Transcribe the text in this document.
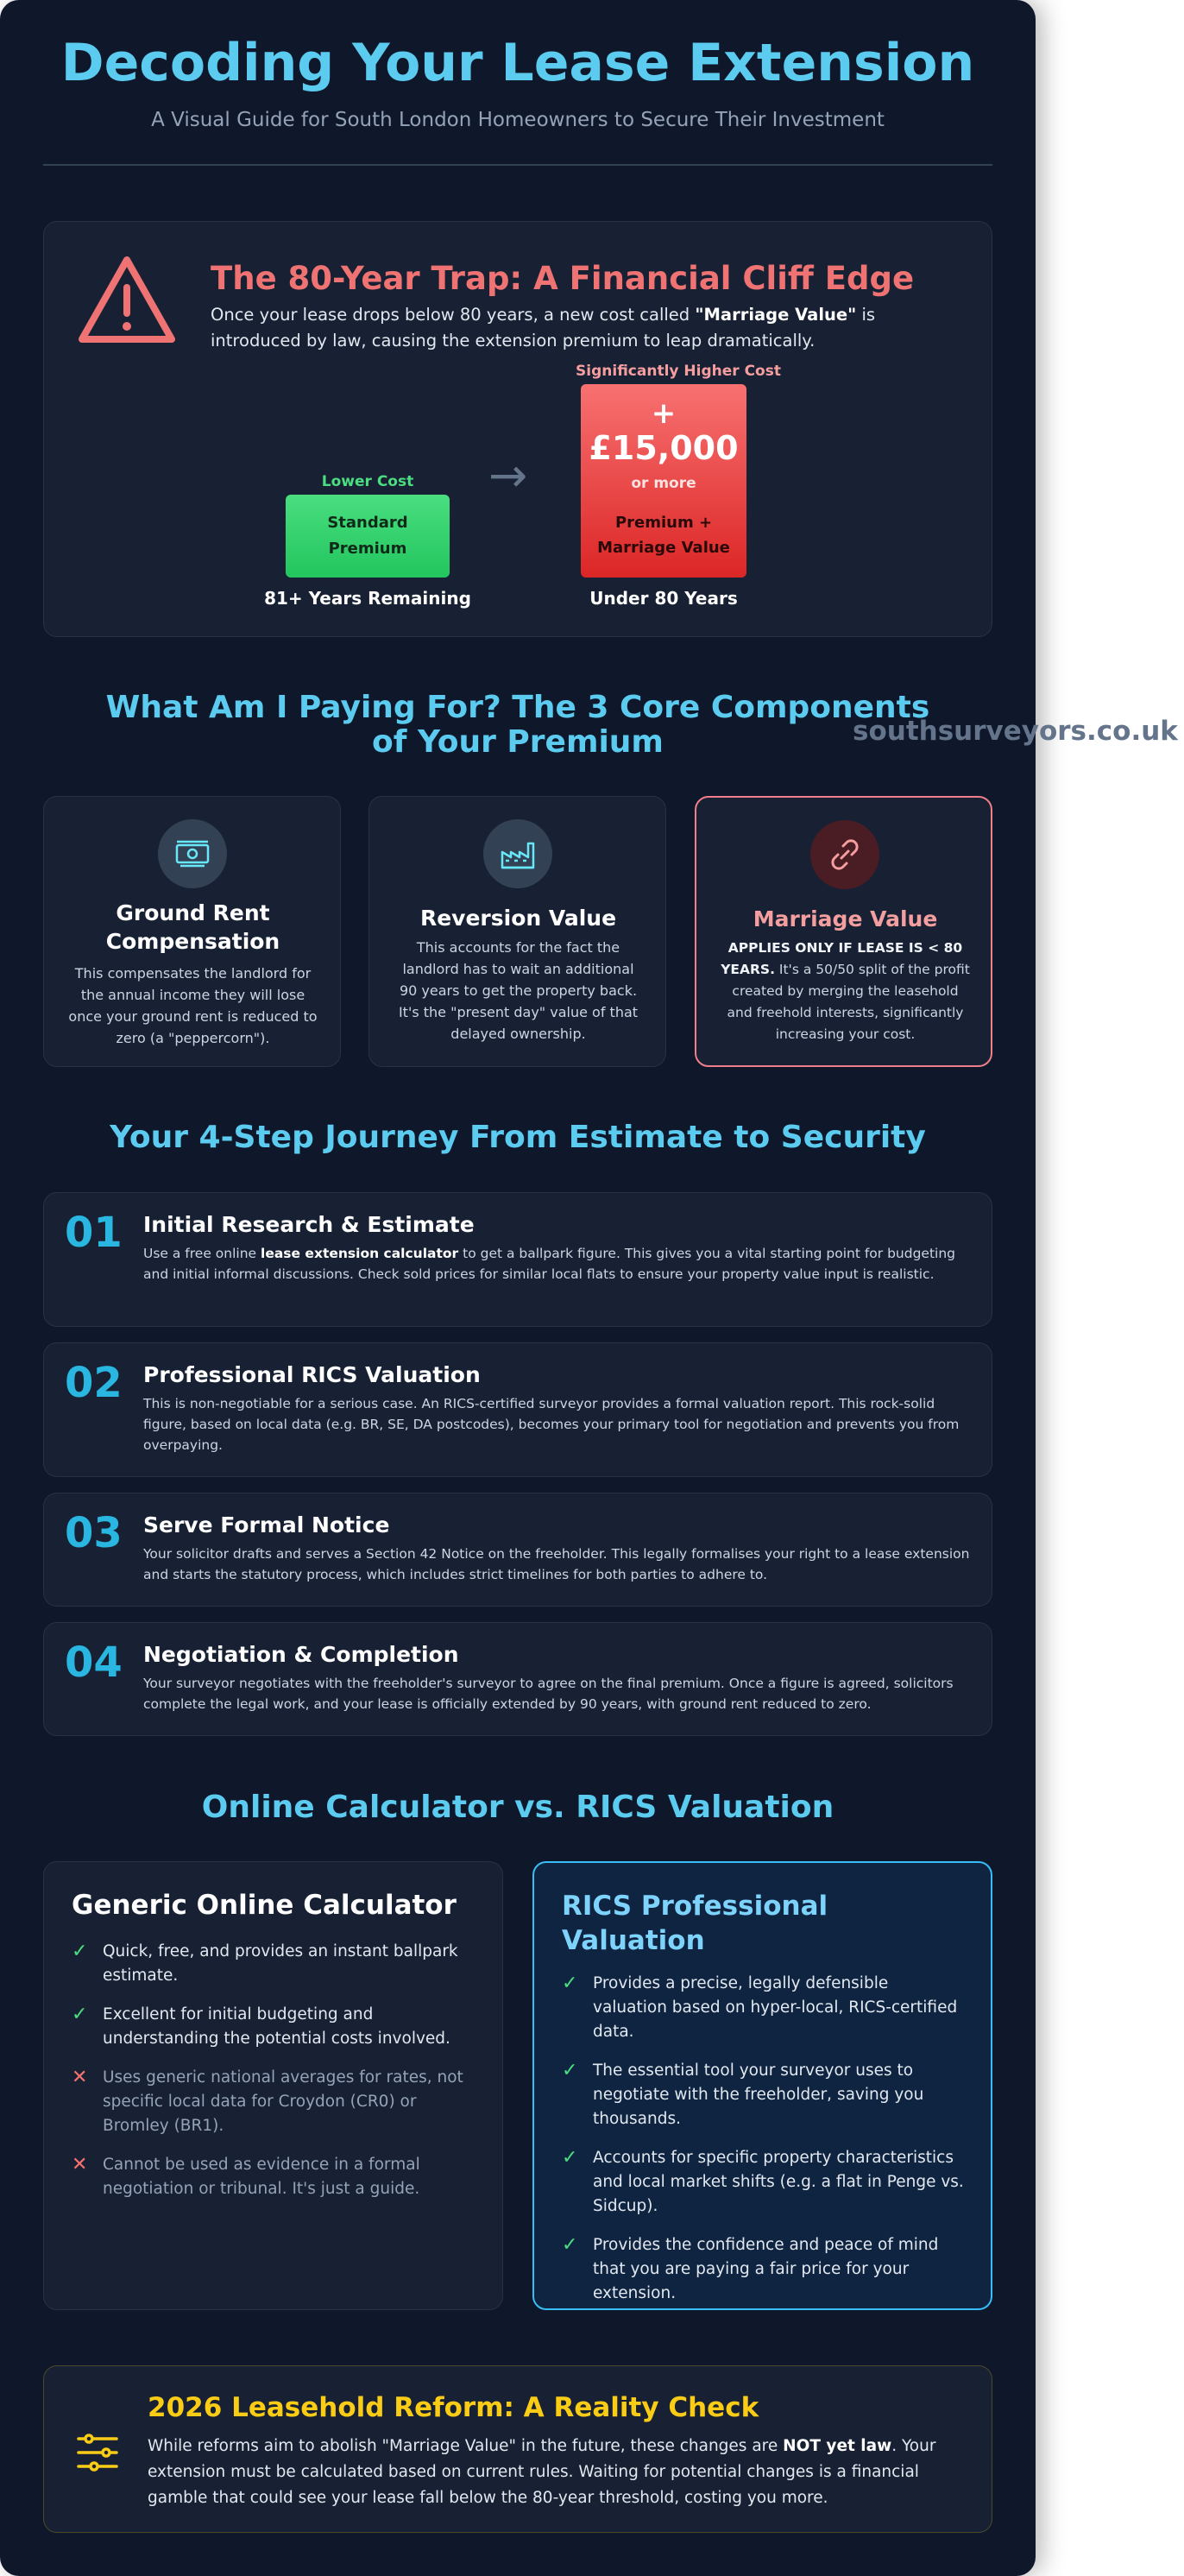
southsurveyors.co.uk
Decoding Your Lease Extension
A Visual Guide for South London Homeowners to Secure Their Investment
The 80-Year Trap: A Financial Cliff Edge
Once your lease drops below 80 years, a new cost called "Marriage Value" is introduced by law, causing the extension premium to leap dramatically.
Lower Cost
Standard
Premium
81+ Years Remaining
→
Significantly Higher Cost
+
£15,000
or more
Premium +
Marriage Value
Under 80 Years
What Am I Paying For? The 3 Core Components of Your Premium
Ground Rent Compensation

This compensates the landlord for the annual income they will lose once your ground rent is reduced to zero (a "peppercorn").

Reversion Value

This accounts for the fact the landlord has to wait an additional 90 years to get the property back. It's the "present day" value of that delayed ownership.

Marriage Value

APPLIES ONLY IF LEASE IS < 80 YEARS. It's a 50/50 split of the profit created by merging the leasehold and freehold interests, significantly increasing your cost.

Your 4-Step Journey From Estimate to Security
01 Initial Research & Estimate

Use a free online lease extension calculator to get a ballpark figure. This gives you a vital starting point for budgeting and initial informal discussions. Check sold prices for similar local flats to ensure your property value input is realistic.

02 Professional RICS Valuation

This is non-negotiable for a serious case. An RICS-certified surveyor provides a formal valuation report. This rock-solid figure, based on local data (e.g. BR, SE, DA postcodes), becomes your primary tool for negotiation and prevents you from overpaying.

03 Serve Formal Notice

Your solicitor drafts and serves a Section 42 Notice on the freeholder. This legally formalises your right to a lease extension and starts the statutory process, which includes strict timelines for both parties to adhere to.

04 Negotiation & Completion

Your surveyor negotiates with the freeholder's surveyor to agree on the final premium. Once a figure is agreed, solicitors complete the legal work, and your lease is officially extended by 90 years, with ground rent reduced to zero.

Online Calculator vs. RICS Valuation
Generic Online Calculator
✓ Quick, free, and provides an instant ballpark estimate.
✓ Excellent for initial budgeting and understanding the potential costs involved.
✕ Uses generic national averages for rates, not specific local data for Croydon (CR0) or Bromley (BR1).
✕ Cannot be used as evidence in a formal negotiation or tribunal. It's just a guide.
RICS Professional Valuation
✓ Provides a precise, legally defensible valuation based on hyper-local, RICS-certified data.
✓ The essential tool your surveyor uses to negotiate with the freeholder, saving you thousands.
✓ Accounts for specific property characteristics and local market shifts (e.g. a flat in Penge vs. Sidcup).
✓ Provides the confidence and peace of mind that you are paying a fair price for your extension.
2026 Leasehold Reform: A Reality Check

While reforms aim to abolish "Marriage Value" in the future, these changes are NOT yet law. Your extension must be calculated based on current rules. Waiting for potential changes is a financial gamble that could see your lease fall below the 80-year threshold, costing you more.
